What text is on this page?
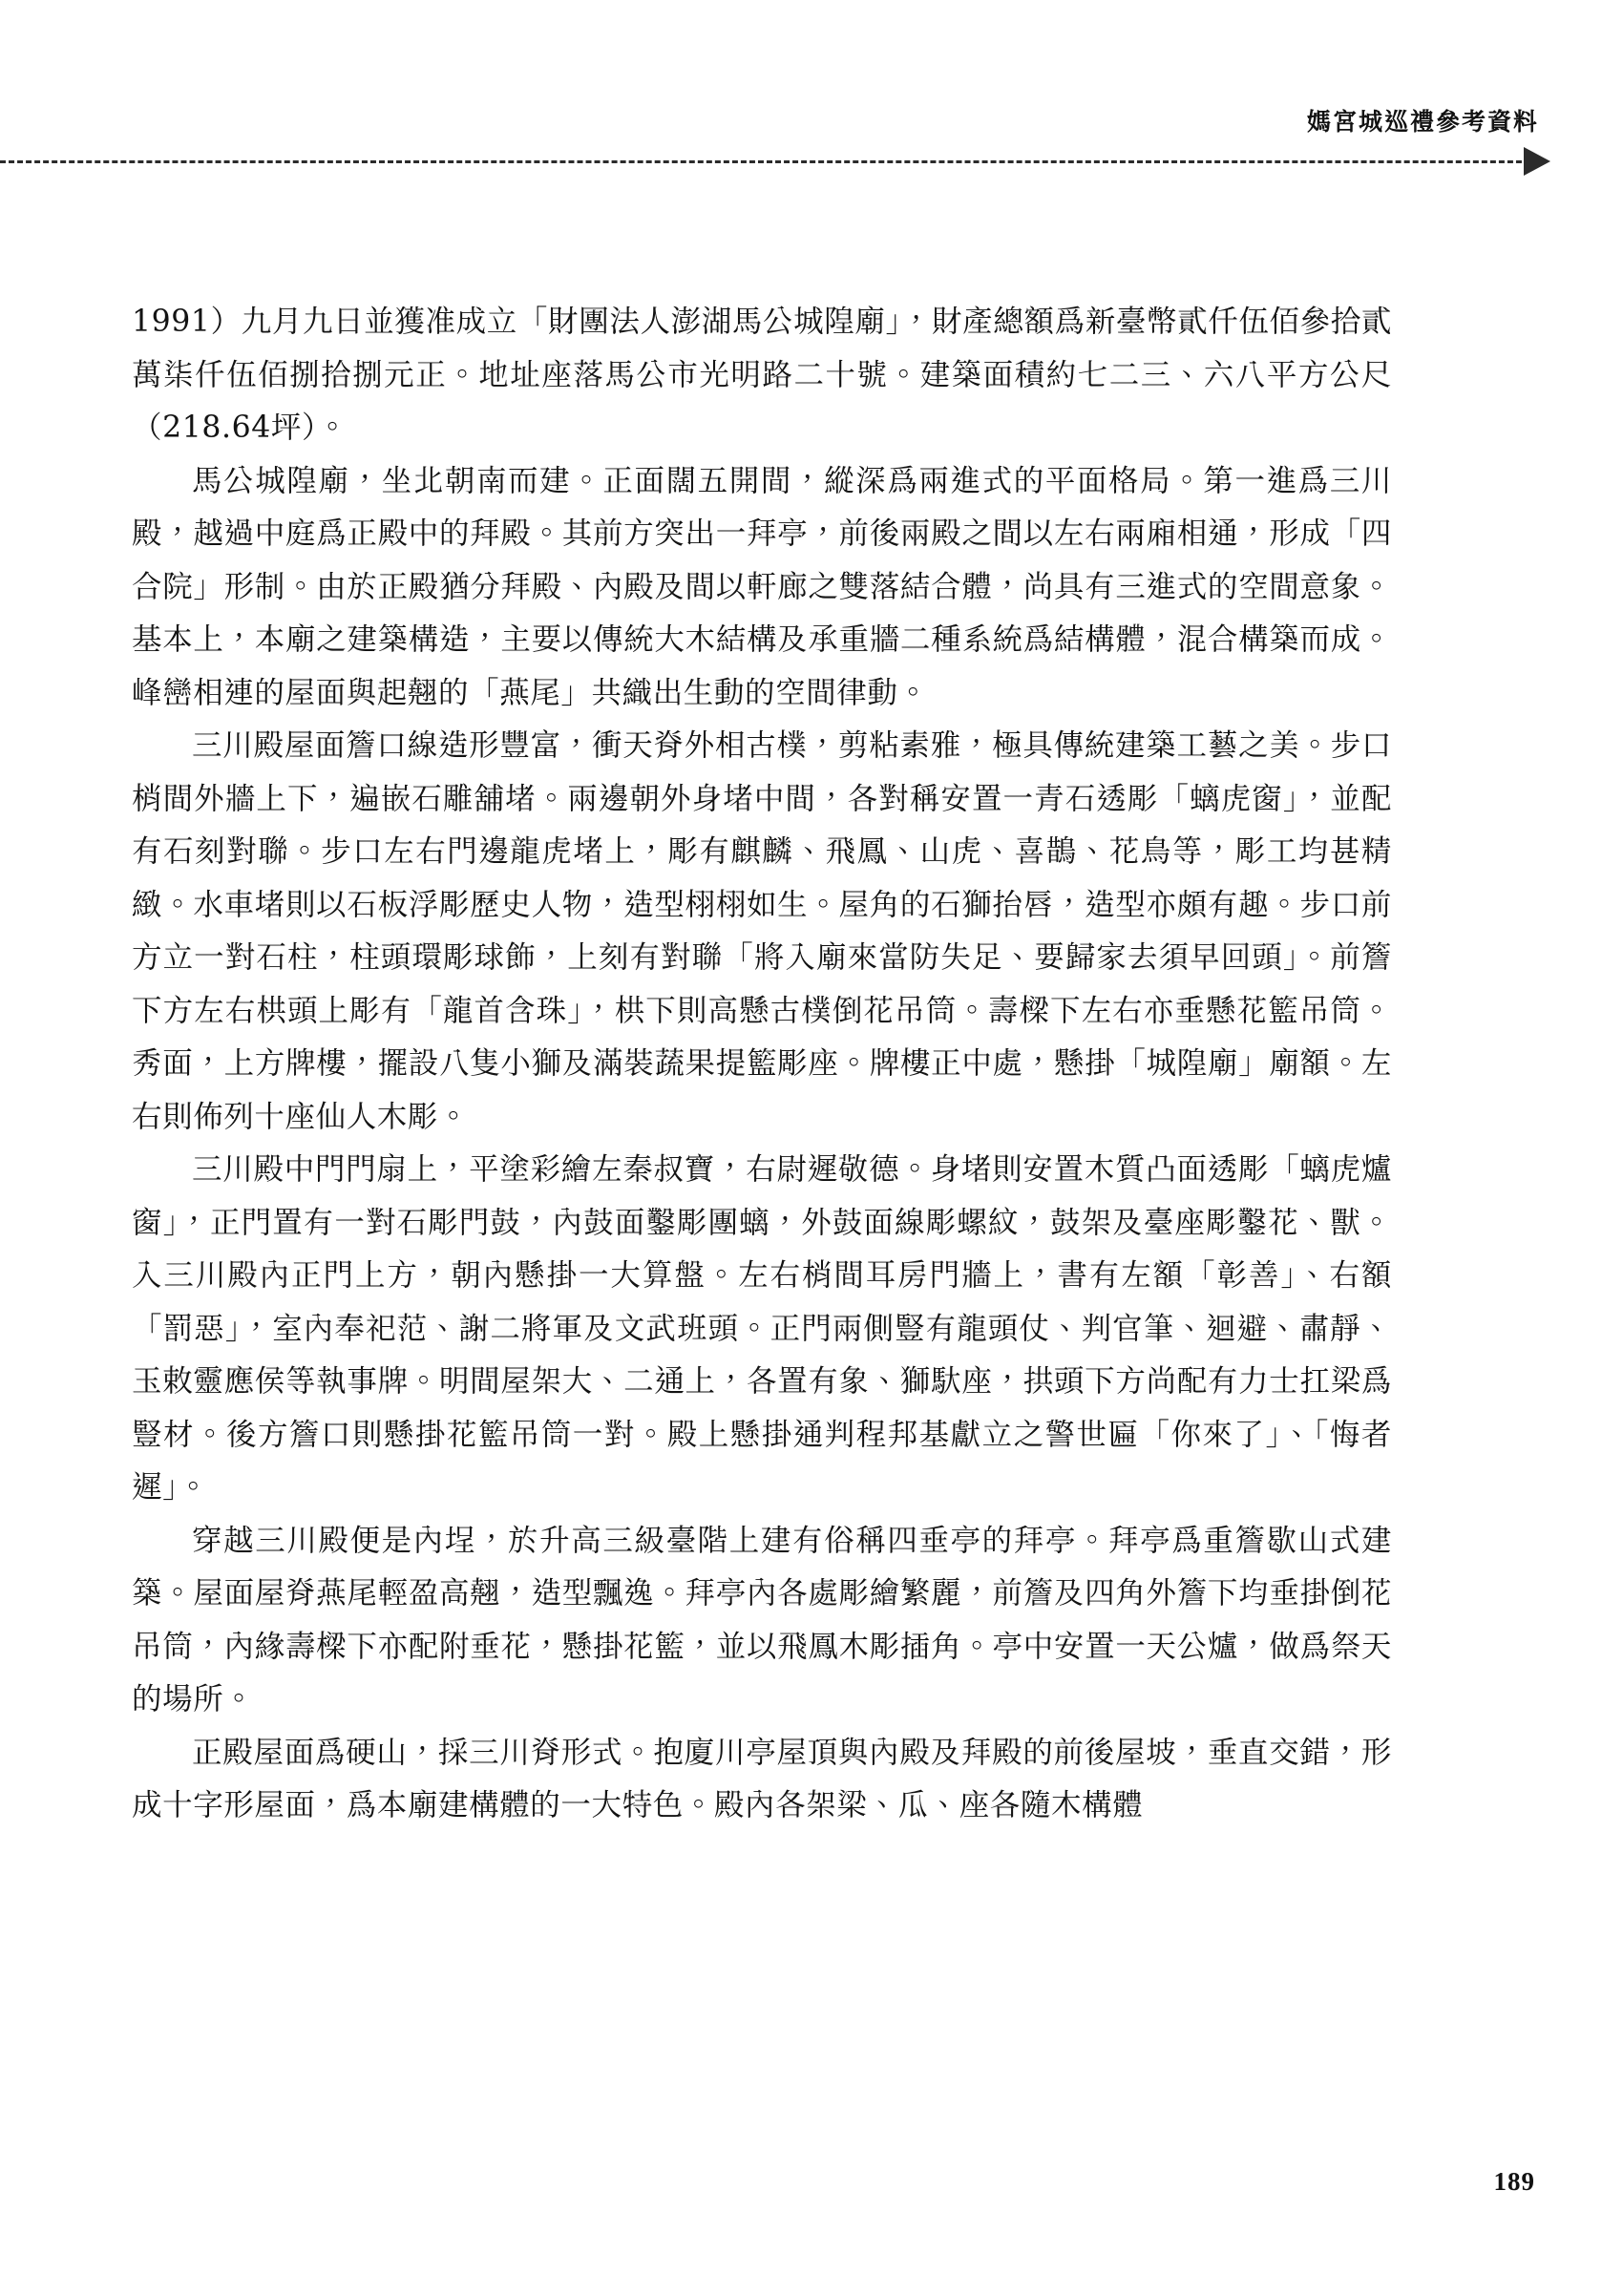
媽宮城巡禮參考資料

1991）九月九日並獲准成立「財團法人澎湖馬公城隍廟」，財產總額爲新臺幣貳仟伍佰參拾貳萬柒仟伍佰捌拾捌元正。地址座落馬公市光明路二十號。建築面積約七二三、六八平方公尺（218.64坪）。

馬公城隍廟，坐北朝南而建。正面闊五開間，縱深爲兩進式的平面格局。第一進爲三川殿，越過中庭爲正殿中的拜殿。其前方突出一拜亭，前後兩殿之間以左右兩廂相通，形成「四合院」形制。由於正殿猶分拜殿、內殿及間以軒廊之雙落結合體，尚具有三進式的空間意象。基本上，本廟之建築構造，主要以傳統大木結構及承重牆二種系統爲結構體，混合構築而成。峰巒相連的屋面與起翹的「燕尾」共織出生動的空間律動。

三川殿屋面簷口線造形豐富，衝天脊外相古樸，剪粘素雅，極具傳統建築工藝之美。步口梢間外牆上下，遍嵌石雕舖堵。兩邊朝外身堵中間，各對稱安置一青石透彫「螭虎窗」，並配有石刻對聯。步口左右門邊龍虎堵上，彫有麒麟、飛鳳、山虎、喜鵲、花鳥等，彫工均甚精緻。水車堵則以石板浮彫歷史人物，造型栩栩如生。屋角的石獅抬唇，造型亦頗有趣。步口前方立一對石柱，柱頭環彫球飾，上刻有對聯「將入廟來當防失足、要歸家去須早回頭」。前簷下方左右栱頭上彫有「龍首含珠」，栱下則高懸古樸倒花吊筒。壽樑下左右亦垂懸花籃吊筒。秀面，上方牌樓，擺設八隻小獅及滿裝蔬果提籃彫座。牌樓正中處，懸掛「城隍廟」廟額。左右則佈列十座仙人木彫。

三川殿中門門扇上，平塗彩繪左秦叔寶，右尉遲敬德。身堵則安置木質凸面透彫「螭虎爐窗」，正門置有一對石彫門鼓，內鼓面鑿彫團螭，外鼓面線彫螺紋，鼓架及臺座彫鑿花、獸。入三川殿內正門上方，朝內懸掛一大算盤。左右梢間耳房門牆上，書有左額「彰善」、右額「罰惡」，室內奉祀范、謝二將軍及文武班頭。正門兩側豎有龍頭仗、判官筆、迴避、肅靜、玉敕靈應侯等執事牌。明間屋架大、二通上，各置有象、獅馱座，拱頭下方尚配有力士扛梁爲豎材。後方簷口則懸掛花籃吊筒一對。殿上懸掛通判程邦基獻立之警世匾「你來了」、「悔者遲」。

穿越三川殿便是內埕，於升高三級臺階上建有俗稱四垂亭的拜亭。拜亭爲重簷歇山式建築。屋面屋脊燕尾輕盈高翹，造型飄逸。拜亭內各處彫繪繁麗，前簷及四角外簷下均垂掛倒花吊筒，內緣壽樑下亦配附垂花，懸掛花籃，並以飛鳳木彫插角。亭中安置一天公爐，做爲祭天的場所。

正殿屋面爲硬山，採三川脊形式。抱廈川亭屋頂與內殿及拜殿的前後屋坡，垂直交錯，形成十字形屋面，爲本廟建構體的一大特色。殿內各架梁、瓜、座各隨木構體

189
